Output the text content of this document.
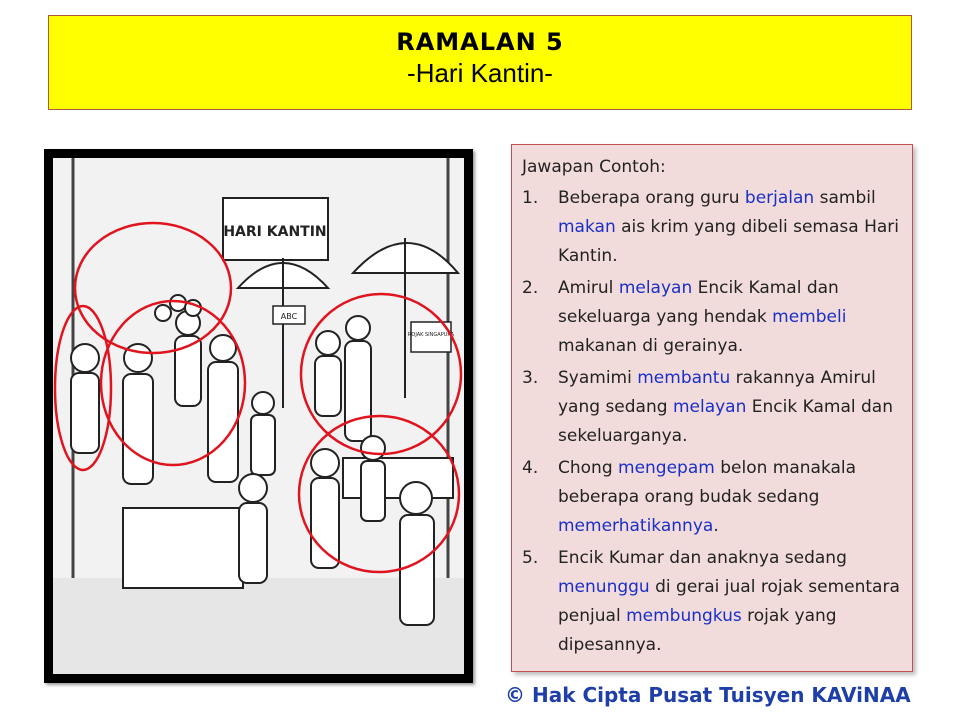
RAMALAN 5
-Hari Kantin-
HARI KANTIN
ABC
ROJAK SINGAPURA
Jawapan Contoh:
1. Beberapa orang guru berjalan sambil makan ais krim yang dibeli semasa Hari Kantin.
2. Amirul melayan Encik Kamal dan sekeluarga yang hendak membeli makanan di gerainya.
3. Syamimi membantu rakannya Amirul yang sedang melayan Encik Kamal dan sekeluarganya.
4. Chong mengepam belon manakala beberapa orang budak sedang memerhatikannya.
5. Encik Kumar dan anaknya sedang menunggu di gerai jual rojak sementara penjual membungkus rojak yang dipesannya.
© Hak Cipta Pusat Tuisyen KAViNAA
